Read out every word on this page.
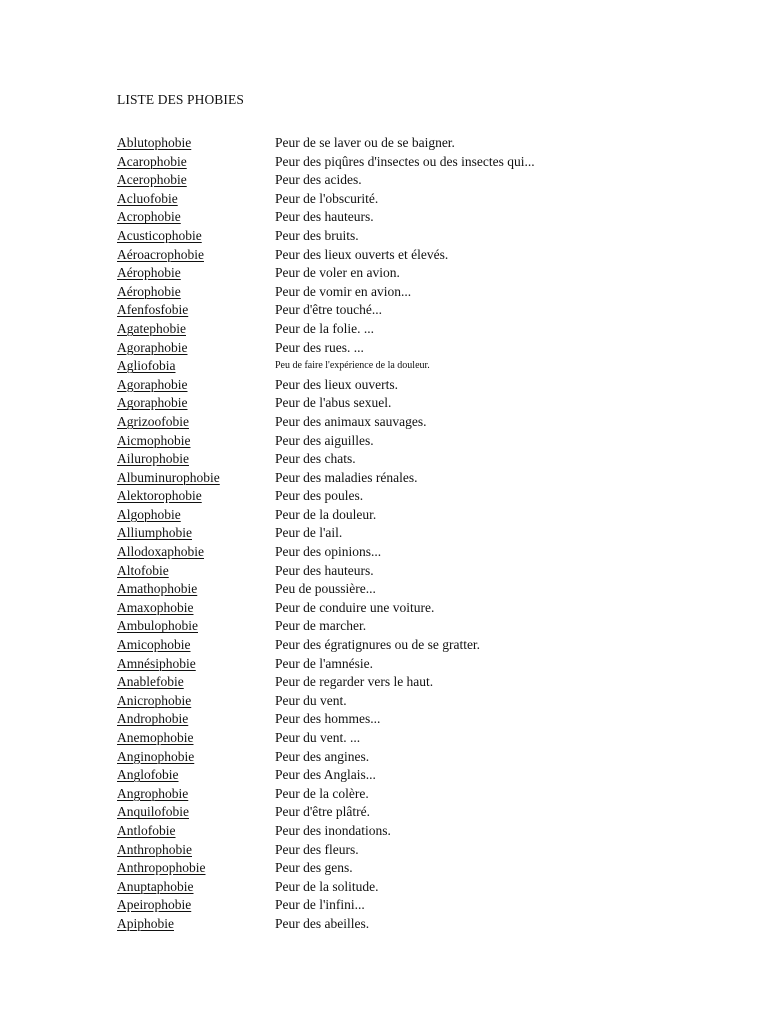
LISTE DES PHOBIES
Ablutophobie	Peur de se laver ou de se baigner.
Acarophobie	Peur des piqûres d'insectes ou des insectes qui...
Acerophobie	Peur des acides.
Acluofobie	Peur de l'obscurité.
Acrophobie	Peur des hauteurs.
Acusticophobie	Peur des bruits.
Aéroacrophobie	Peur des lieux ouverts et élevés.
Aérophobie	Peur de voler en avion.
Aérophobie	Peur de vomir en avion...
Afenfosfobie	Peur d'être touché...
Agatephobie	Peur de la folie. ...
Agoraphobie	Peur des rues. ...
Agliofobia	Peu de faire l'expérience de la douleur.
Agoraphobie	Peur des lieux ouverts.
Agoraphobie	Peur de l'abus sexuel.
Agrizoofobie	Peur des animaux sauvages.
Aicmophobie	Peur des aiguilles.
Ailurophobie	Peur des chats.
Albuminurophobie	Peur des maladies rénales.
Alektorophobie	Peur des poules.
Algophobie	Peur de la douleur.
Alliumphobie	Peur de l'ail.
Allodoxaphobie	Peur des opinions...
Altofobie	Peur des hauteurs.
Amathophobie	Peu de poussière...
Amaxophobie	Peur de conduire une voiture.
Ambulophobie	Peur de marcher.
Amicophobie	Peur des égratignures ou de se gratter.
Amnésiphobie	Peur de l'amnésie.
Anablefobie	Peur de regarder vers le haut.
Anicrophobie	Peur du vent.
Androphobie	Peur des hommes...
Anemophobie	Peur du vent. ...
Anginophobie	Peur des angines.
Anglofobie	Peur des Anglais...
Angrophobie	Peur de la colère.
Anquilofobie	Peur d'être plâtré.
Antlofobie	Peur des inondations.
Anthrophobie	Peur des fleurs.
Anthropophobie	Peur des gens.
Anuptaphobie	Peur de la solitude.
Apeirophobie	Peur de l'infini...
Apiphobie	Peur des abeilles.
